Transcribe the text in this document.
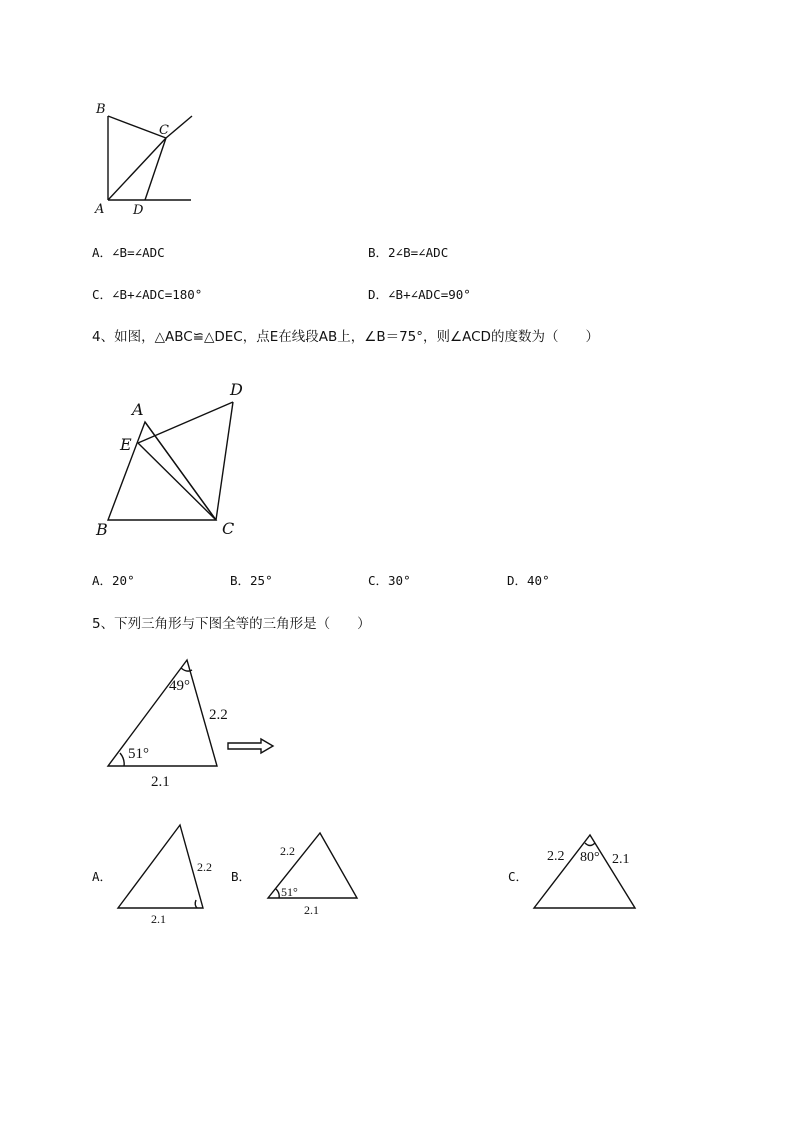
B
C
A D
A．∠B=∠ADC	B．2∠B=∠ADC
C．∠B+∠ADC=180°	D．∠B+∠ADC=90°
4、如图，△ABC≌△DEC，点E在线段AB上，∠B＝75°，则∠ACD的度数为（　　）
A
D
E
B	C
A．20°	B．25°	C．30°	D．40°
5、下列三角形与下图全等的三角形是（　　）
49°
51°
2.2
2.1
A．
2.2
2.1
B．
2.2
51°
2.1
C．
2.2 80° 2.1
